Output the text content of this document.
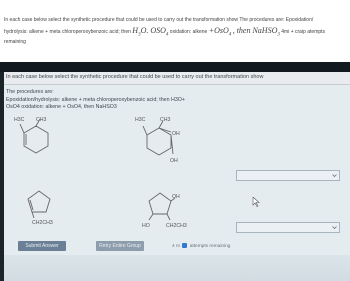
In each case below select the synthetic procedure that could be used to carry out the transformation show The procedures are: Epoxidation/
hydrolysis: alkene + meta chloroperoxybenzoic acid; then $H_3O$. $OSO_4$ oxidation: alkene +OsO$_4$ , then NaHSO$_3$ 4mi + craip atempts
remaining
In each case below select the synthetic procedure that could be used to carry out the transformation show
The procedures are:
Epoxidation/hydrolysis: alkene + meta chloroperoxybenzoic acid; then H3O+
OsO4 oxidation: alkene + OsO4, then NaHSO3
H3C CH3	H3C	CH3
OH
OH
CH2CH3
OH
HO	CH2CH3
Submit Answer	Retry Entire Group	4 m attempts remaining
